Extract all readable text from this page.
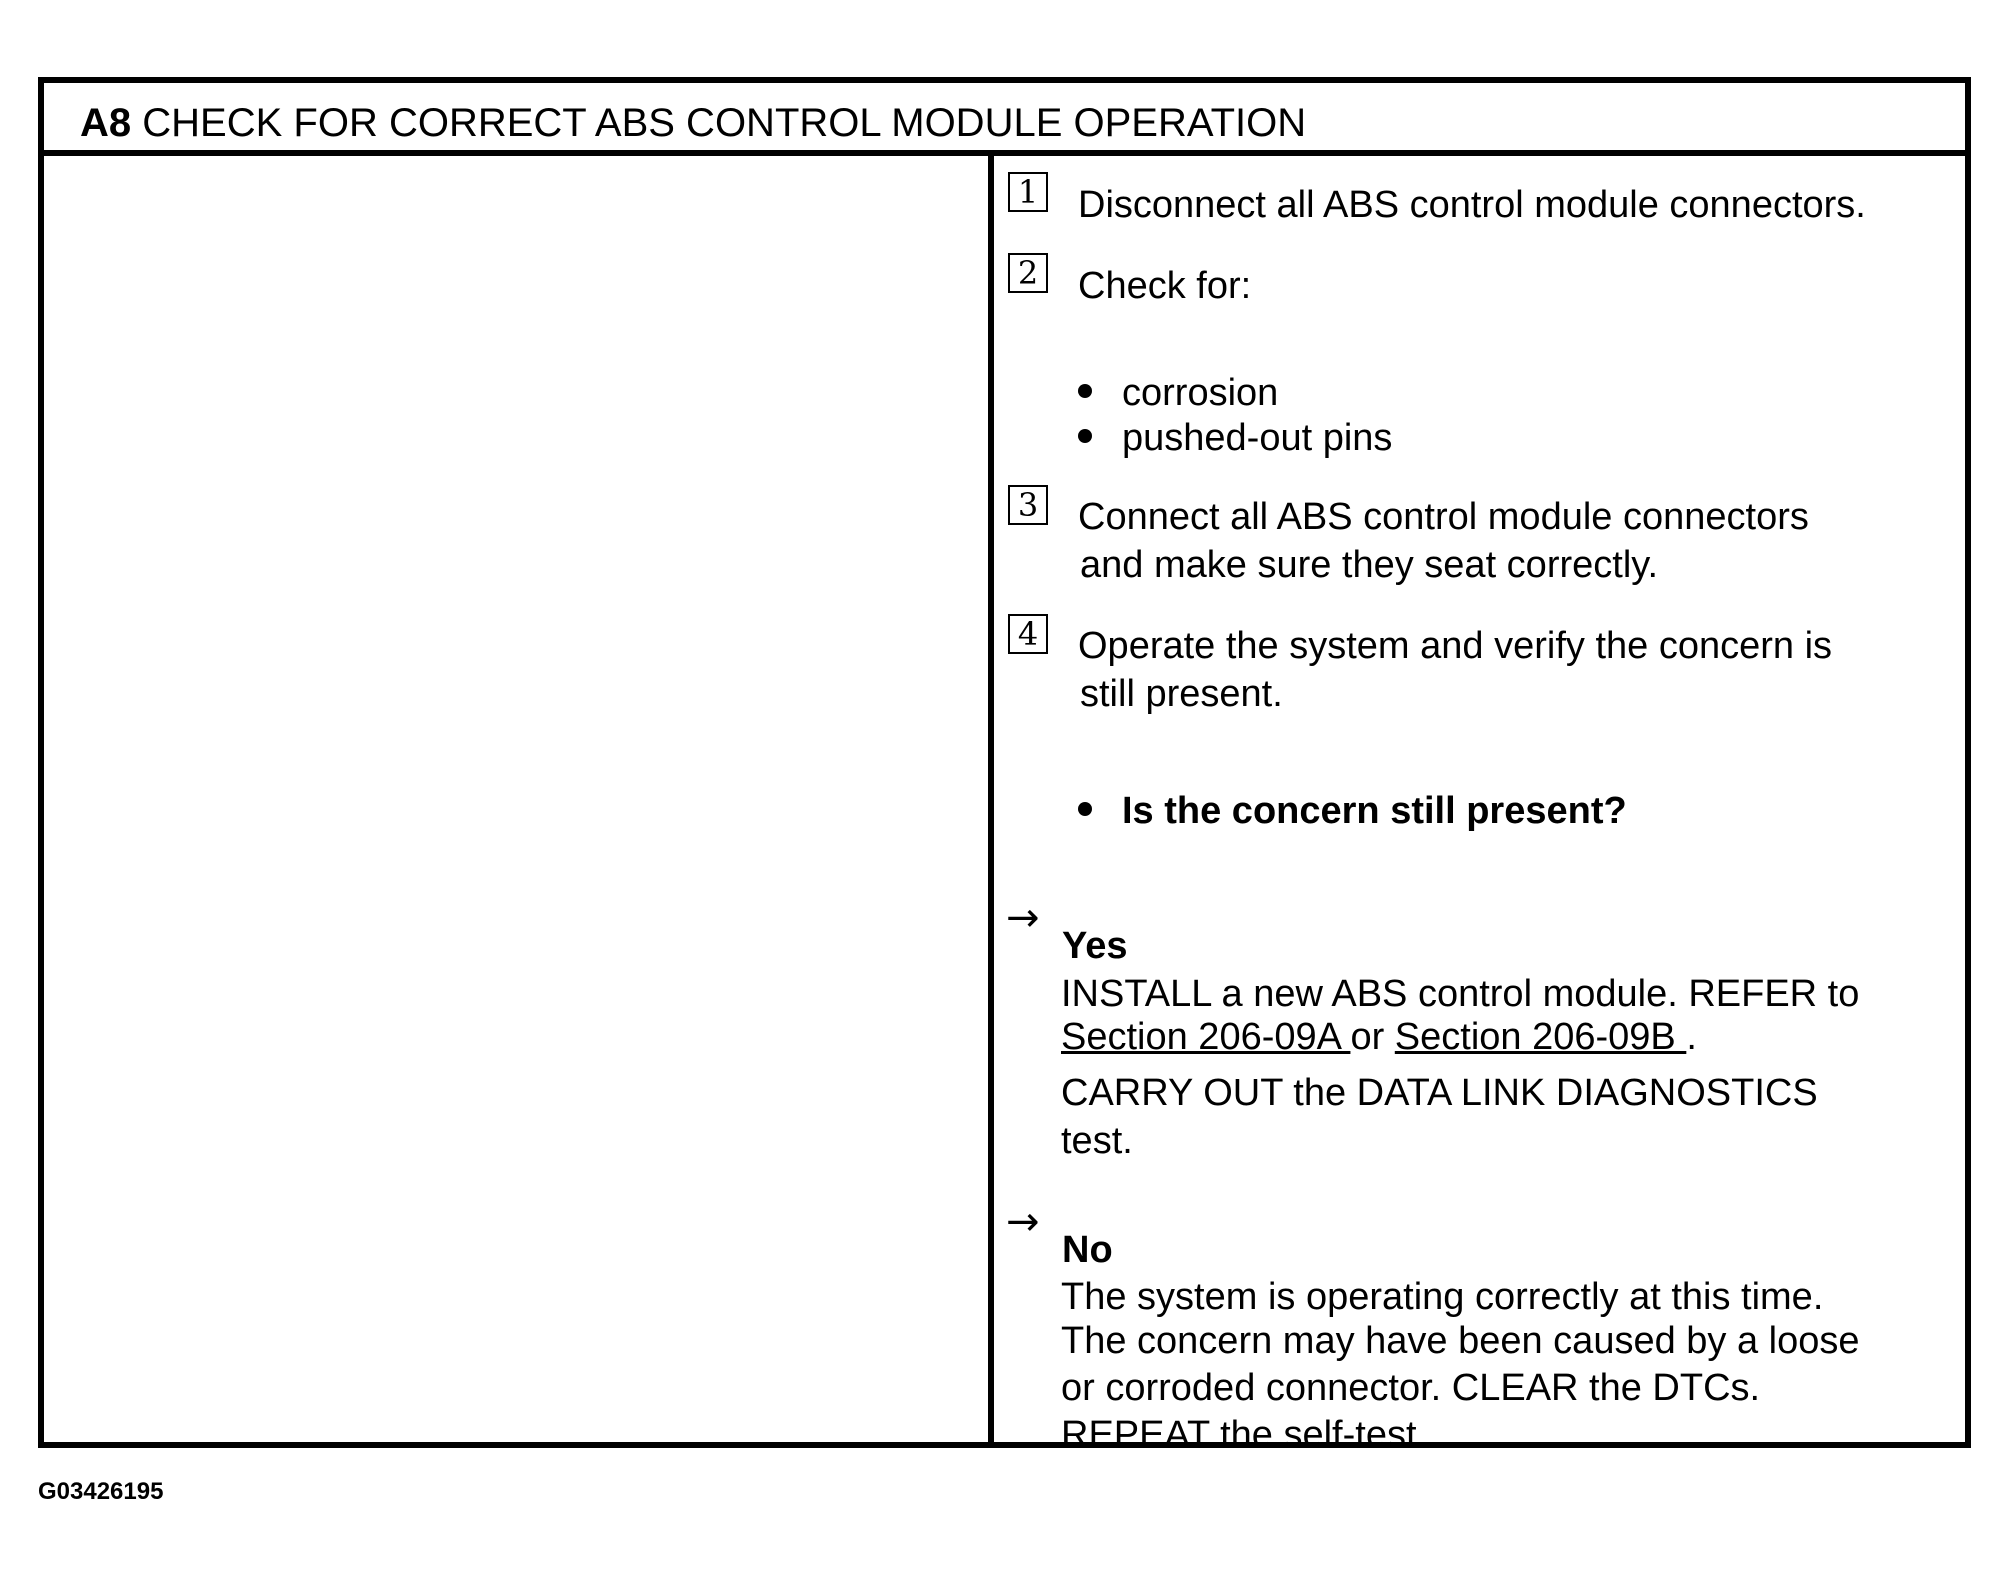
A8 CHECK FOR CORRECT ABS CONTROL MODULE OPERATION
1 Disconnect all ABS control module connectors.
2 Check for:
corrosion
pushed-out pins
3 Connect all ABS control module connectors
and make sure they seat correctly.
4 Operate the system and verify the concern is
still present.
Is the concern still present?
→
Yes
INSTALL a new ABS control module. REFER to
Section 206-09A or Section 206-09B .
CARRY OUT the DATA LINK DIAGNOSTICS
test.
→
No
The system is operating correctly at this time.
The concern may have been caused by a loose
or corroded connector. CLEAR the DTCs.
REPEAT the self-test.
G03426195
